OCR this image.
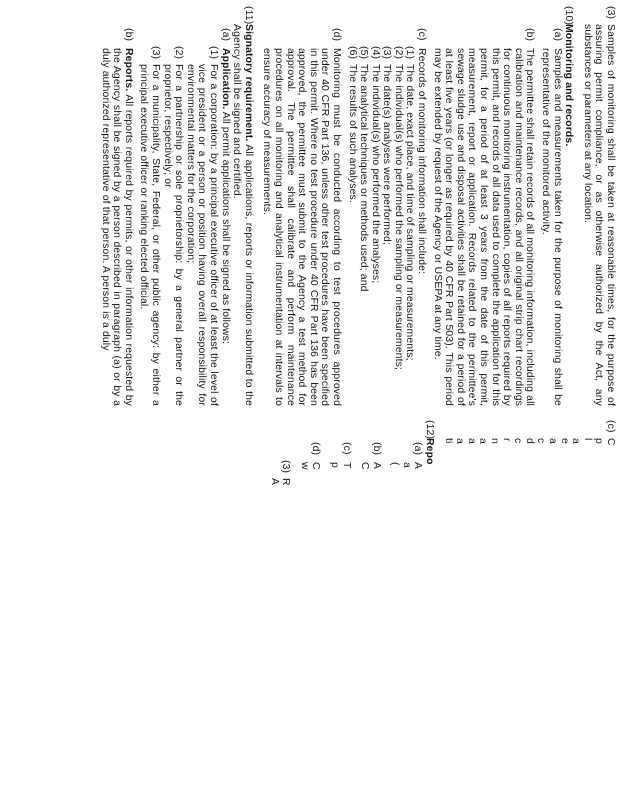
(3)
Samples of monitoring shall be taken at reasonable times, for the purpose of assuring permit compliance, or as otherwise authorized by the Act, any substances or parameters at any location.

(10)
Monitoring and records.

(a)
Samples and measurements taken for the purpose of monitoring shall be representative of the monitored activity.

(b)
The permittee shall retain records of all monitoring information, including all calibration and maintenance records, and all original strip chart recordings for continuous monitoring instrumentation, copies of all reports required by this permit, and records of all data used to complete the application for this permit, for a period of at least 3 years from the date of this permit, measurement, report or application. Records related to the permittee's sewage sludge use and disposal activities shall be retained for a period of at least five years (or longer as required by 40 CFR Part 503). This period may be extended by request of the Agency or USEPA at any time.

(c)
Records of monitoring information shall include:

(1)
The date, exact place, and time of sampling or measurements;

(2)
The individual(s) who performed the sampling or measurements;

(3)
The date(s) analyses were performed;

(4)
The individual(s) who performed the analyses;

(5)
The analytical techniques or methods used; and

(6)
The results of such analyses.

(d)
Monitoring must be conducted according to test procedures approved under 40 CFR Part 136, unless other test procedures have been specified in this permit. Where no test procedure under 40 CFR Part 136 has been approved, the permittee must submit to the Agency a test method for approval. The permittee shall calibrate and perform maintenance procedures on all monitoring and analytical instrumentation at intervals to ensure accuracy of measurements.

(11)
Signatory requirement. All applications, reports or information submitted to the Agency shall be signed and certified.

(a)
Application. All permit applications shall be signed as follows:

(1)
For a corporation: by a principal executive officer of at least the level of vice president or a person or position having overall responsibility for environmental matters for the corporation;

(2)
For a partnership or sole proprietorship: by a general partner or the proprietor, respectively; or

(3)
For a municipality, State, Federal, or other public agency: by either a principal executive officer or ranking elected official.

(b)
Reports. All reports required by permits, or other information requested by the Agency shall be signed by a person described in paragraph (a) or by a duly authorized representative of that person. A person is a duly

(c)
C

p

l

a

e

a

c

d

c

r

n

a

a

a

ti

(12)
Repo

(a)
A

a

(

(b)
A

C

(c)
T

p

(d)
C

w

(3)
R

A
